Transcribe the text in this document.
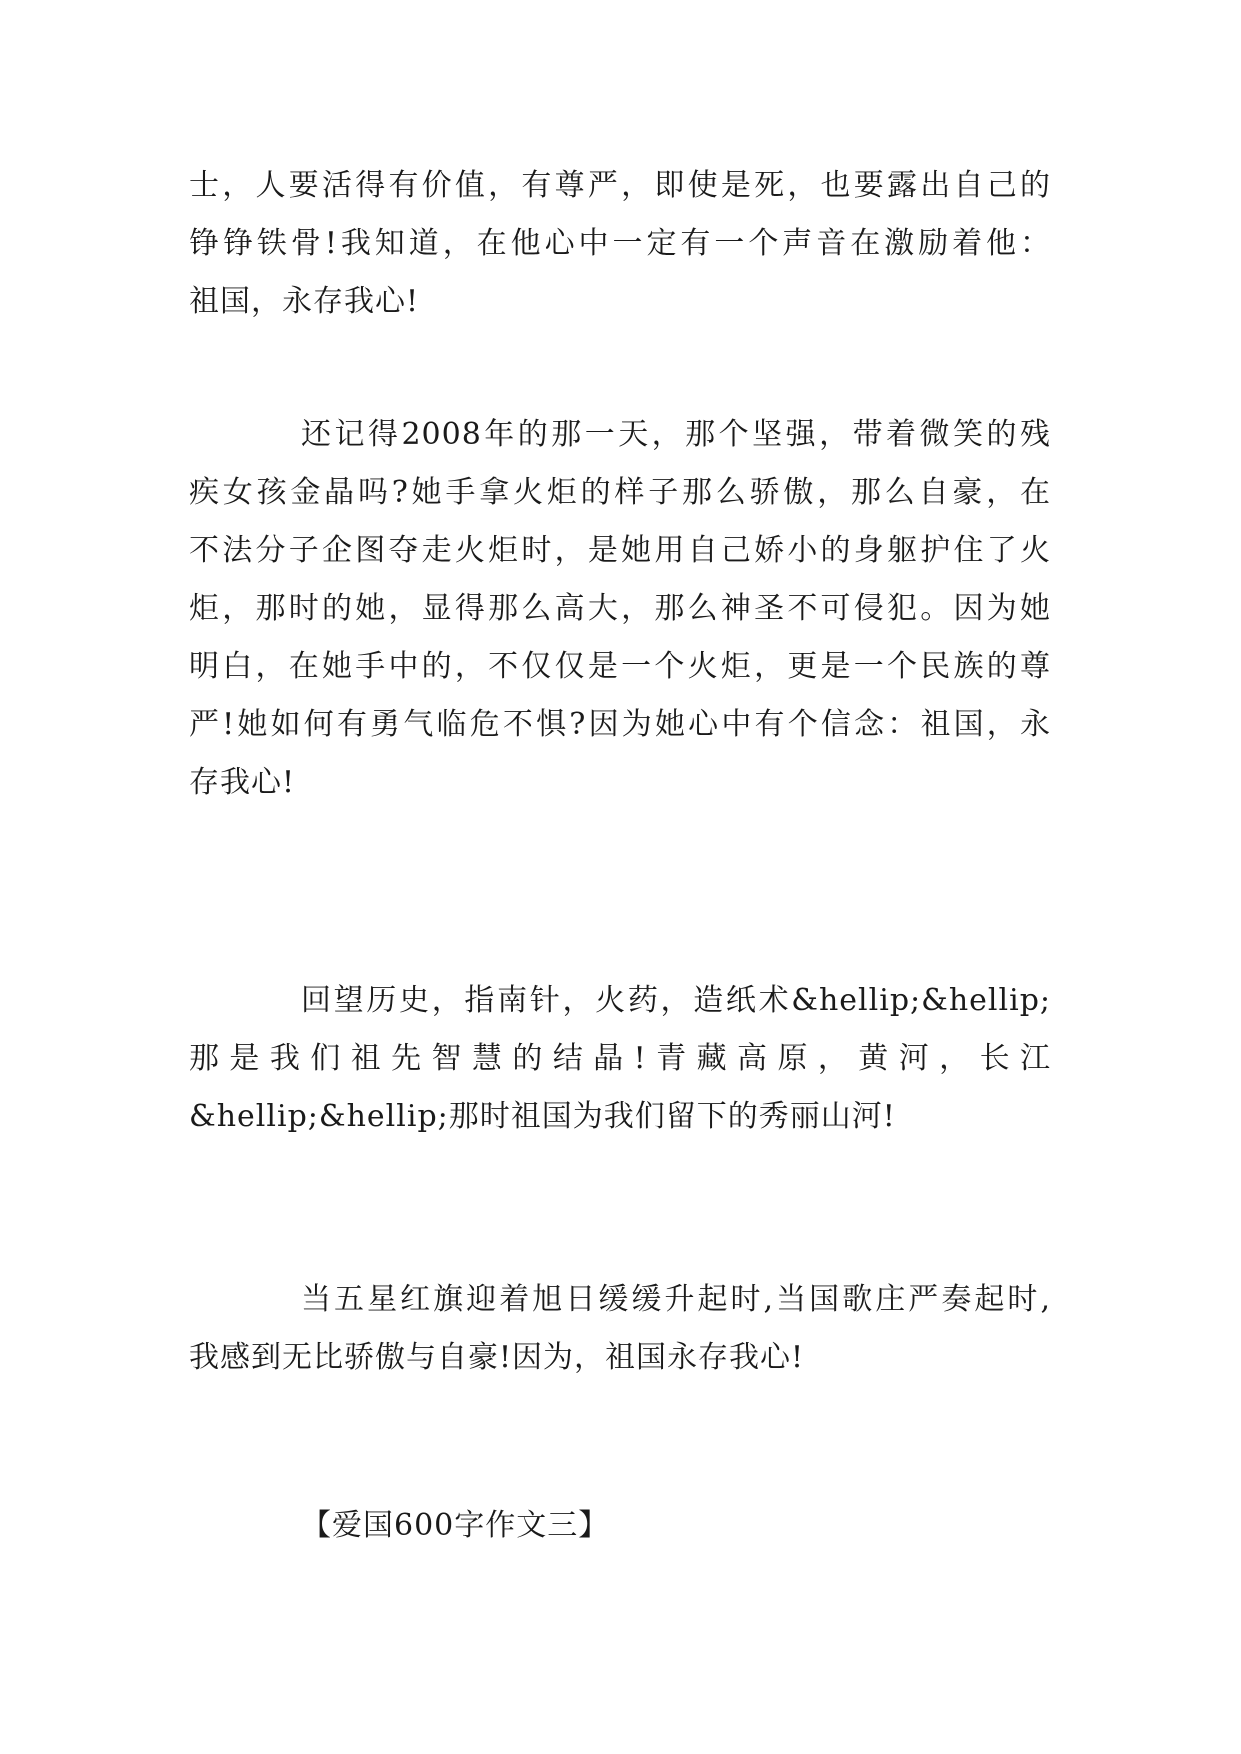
士，人要活得有价值，有尊严，即使是死，也要露出自己的
铮铮铁骨!我知道，在他心中一定有一个声音在激励着他：
祖国，永存我心!
还记得2008年的那一天，那个坚强，带着微笑的残
疾女孩金晶吗?她手拿火炬的样子那么骄傲，那么自豪，在
不法分子企图夺走火炬时，是她用自己娇小的身躯护住了火
炬，那时的她，显得那么高大，那么神圣不可侵犯。因为她
明白，在她手中的，不仅仅是一个火炬，更是一个民族的尊
严!她如何有勇气临危不惧?因为她心中有个信念：祖国，永
存我心!
回望历史，指南针，火药，造纸术&hellip;&hellip;
那是我们祖先智慧的结晶!青藏高原，黄河，长江
&hellip;&hellip;那时祖国为我们留下的秀丽山河!
当五星红旗迎着旭日缓缓升起时,当国歌庄严奏起时,
我感到无比骄傲与自豪!因为，祖国永存我心!
【爱国600字作文三】
